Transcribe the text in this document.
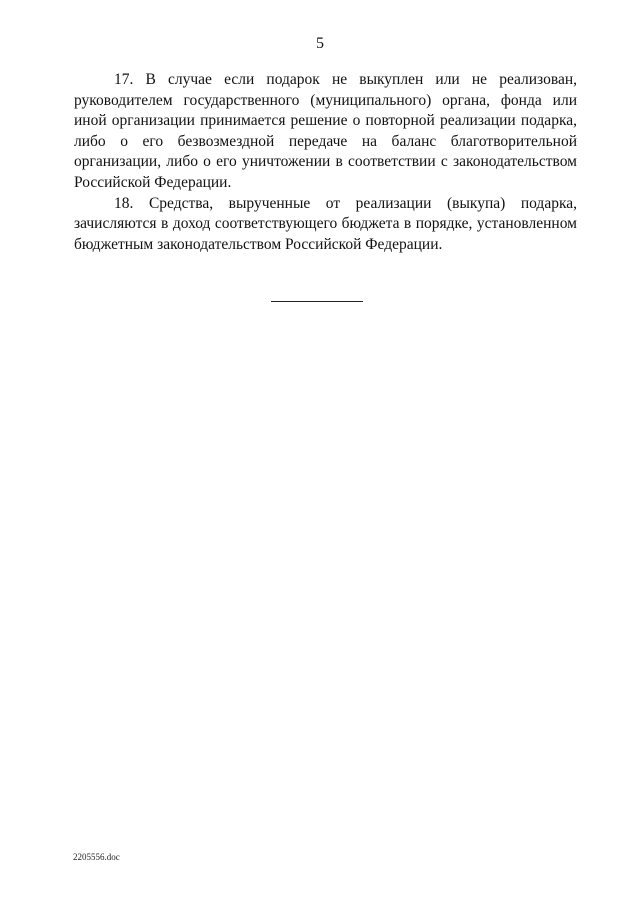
5

17. В случае если подарок не выкуплен или не реализован, руководителем государственного (муниципального) органа, фонда или иной организации принимается решение о повторной реализации подарка, либо о его безвозмездной передаче на баланс благотворительной организации, либо о его уничтожении в соответствии с законодательством Российской Федерации.

18. Средства, вырученные от реализации (выкупа) подарка, зачисляются в доход соответствующего бюджета в порядке, установленном бюджетным законодательством Российской Федерации.

2205556.doc
